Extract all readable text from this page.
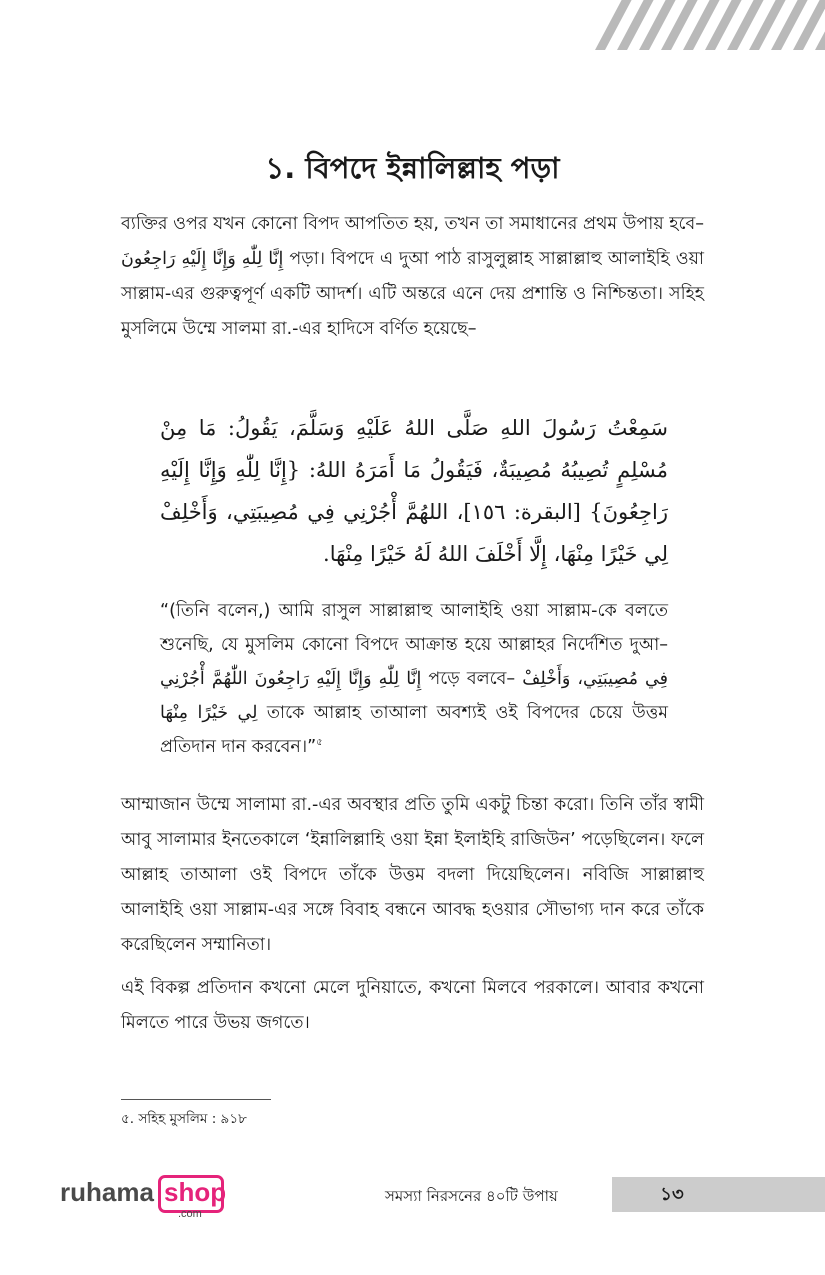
১. বিপদে ইন্নালিল্লাহ পড়া

ব্যক্তির ওপর যখন কোনো বিপদ আপতিত হয়, তখন তা সমাধানের প্রথম উপায় হবে– إِنَّا لِلّٰهِ وَإِنَّا إِلَيْهِ رَاجِعُونَ পড়া। বিপদে এ দুআ পাঠ রাসুলুল্লাহ সাল্লাল্লাহু আলাইহি ওয়া সাল্লাম-এর গুরুত্বপূর্ণ একটি আদর্শ। এটি অন্তরে এনে দেয় প্রশান্তি ও নিশ্চিন্ততা। সহিহ মুসলিমে উম্মে সালমা রা.-এর হাদিসে বর্ণিত হয়েছে–

سَمِعْتُ رَسُولَ اللهِ صَلَّى اللهُ عَلَيْهِ وَسَلَّمَ، يَقُولُ: مَا مِنْ مُسْلِمٍ تُصِيبُهُ مُصِيبَةٌ، فَيَقُولُ مَا أَمَرَهُ اللهُ: {إِنَّا لِلّٰهِ وَإِنَّا إِلَيْهِ رَاجِعُونَ} [البقرة: ١٥٦]، اللهُمَّ أْجُرْنِي فِي مُصِيبَتِي، وَأَخْلِفْ لِي خَيْرًا مِنْهَا، إِلَّا أَخْلَفَ اللهُ لَهُ خَيْرًا مِنْهَا.

“(তিনি বলেন,) আমি রাসুল সাল্লাল্লাহু আলাইহি ওয়া সাল্লাম-কে বলতে শুনেছি, যে মুসলিম কোনো বিপদে আক্রান্ত হয়ে আল্লাহর নির্দেশিত দুআ– إِنَّا لِلّٰهِ وَإِنَّا إِلَيْهِ رَاجِعُونَ اللّٰهُمَّ أْجُرْنِي পড়ে বলবে– فِي مُصِيبَتِي، وَأَخْلِفْ لِي خَيْرًا مِنْهَا তাকে আল্লাহ তাআলা অবশ্যই ওই বিপদের চেয়ে উত্তম প্রতিদান দান করবেন।”$^৫$

আম্মাজান উম্মে সালামা রা.-এর অবস্থার প্রতি তুমি একটু চিন্তা করো। তিনি তাঁর স্বামী আবু সালামার ইনতেকালে ‘ইন্নালিল্লাহি ওয়া ইন্না ইলাইহি রাজিউন’ পড়েছিলেন। ফলে আল্লাহ তাআলা ওই বিপদে তাঁকে উত্তম বদলা দিয়েছিলেন। নবিজি সাল্লাল্লাহু আলাইহি ওয়া সাল্লাম-এর সঙ্গে বিবাহ বন্ধনে আবদ্ধ হওয়ার সৌভাগ্য দান করে তাঁকে করেছিলেন সম্মানিতা।

এই বিকল্প প্রতিদান কখনো মেলে দুনিয়াতে, কখনো মিলবে পরকালে। আবার কখনো মিলতে পারে উভয় জগতে।

৫. সহিহ মুসলিম : ৯১৮

ruhama shop
.com

সমস্যা নিরসনের ৪০টি উপায়	১৩
